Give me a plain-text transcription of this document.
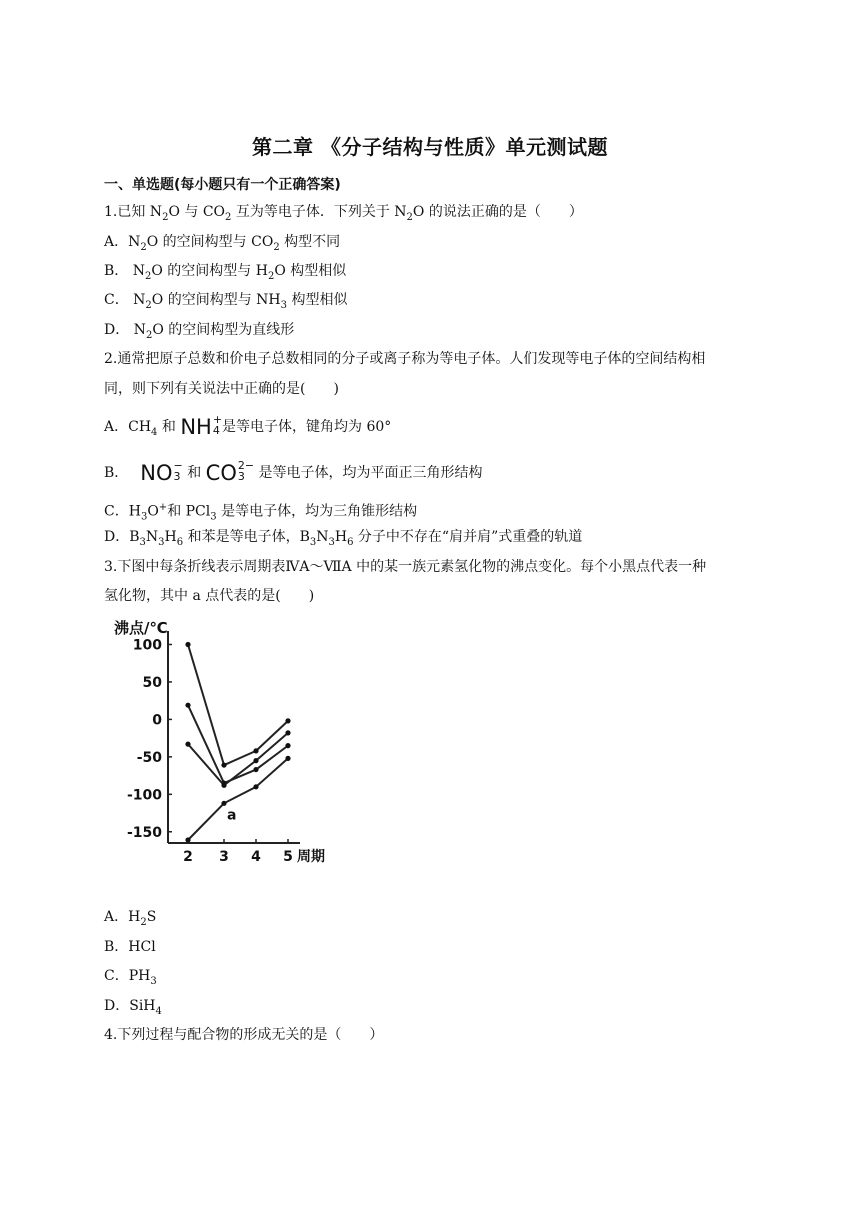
第二章 《分子结构与性质》单元测试题
一、单选题(每小题只有一个正确答案)
1.已知 $N_2O$ 与 $CO_2$ 互为等电子体．下列关于 $N_2O$ 的说法正确的是（　　）
A．$N_2O$ 的空间构型与 $CO_2$ 构型不同
B． $N_2O$ 的空间构型与 $H_2O$ 构型相似
C． $N_2O$ 的空间构型与 $NH_3$ 构型相似
D． $N_2O$ 的空间构型为直线形
2.通常把原子总数和价电子总数相同的分子或离子称为等电子体。人们发现等电子体的空间结构相
同，则下列有关说法中正确的是(　　)
A．$CH_4$ 和 NH +
4 是等电子体，键角均为 60°
B． NO −
3 和 CO 2−
3 是等电子体，均为平面正三角形结构
C．$H_3O^+$和 PCl$_3$ 是等电子体，均为三角锥形结构
D．$B_3N_3H_6$ 和苯是等电子体，$B_3N_3H_6$ 分子中不存在“肩并肩”式重叠的轨道
3.下图中每条折线表示周期表ⅣA～ⅦA 中的某一族元素氢化物的沸点变化。每个小黑点代表一种
氢化物，其中 a 点代表的是(　　)
沸点/℃
100
50
0
-50
-100
-150
2 3 4 5 周期
a
A．$H_2S$
B．HCl
C．$PH_3$
D．SiH$_4$
4.下列过程与配合物的形成无关的是（　　）
